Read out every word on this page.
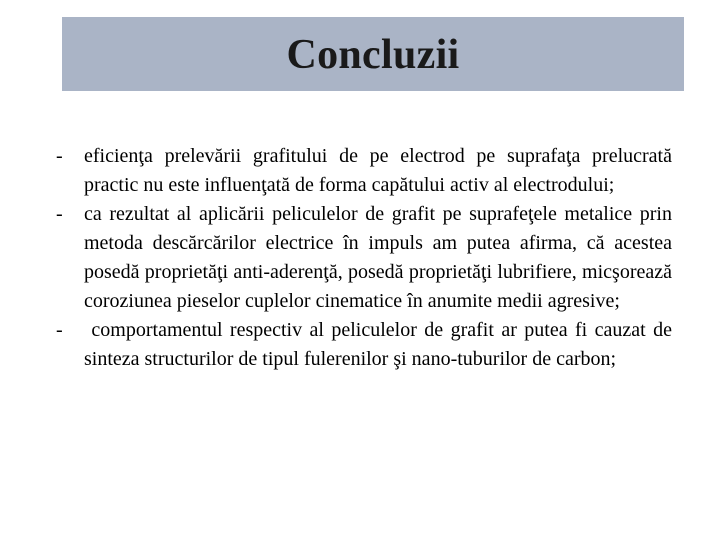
Concluzii
- eficienţa prelevării grafitului de pe electrod pe suprafaţa prelucrată practic nu este influenţată de forma capătului activ al electrodului;
- ca rezultat al aplicării peliculelor de grafit pe suprafeţele metalice prin metoda descărcărilor electrice în impuls am putea afirma, că acestea  posedă proprietăţi anti-aderenţă, posedă proprietăţi lubrifiere, micşorează coroziunea pieselor cuplelor cinematice în anumite medii agresive;
- comportamentul respectiv al peliculelor de grafit ar putea fi cauzat de sinteza structurilor de tipul fulerenilor şi nano-tuburilor de carbon;
